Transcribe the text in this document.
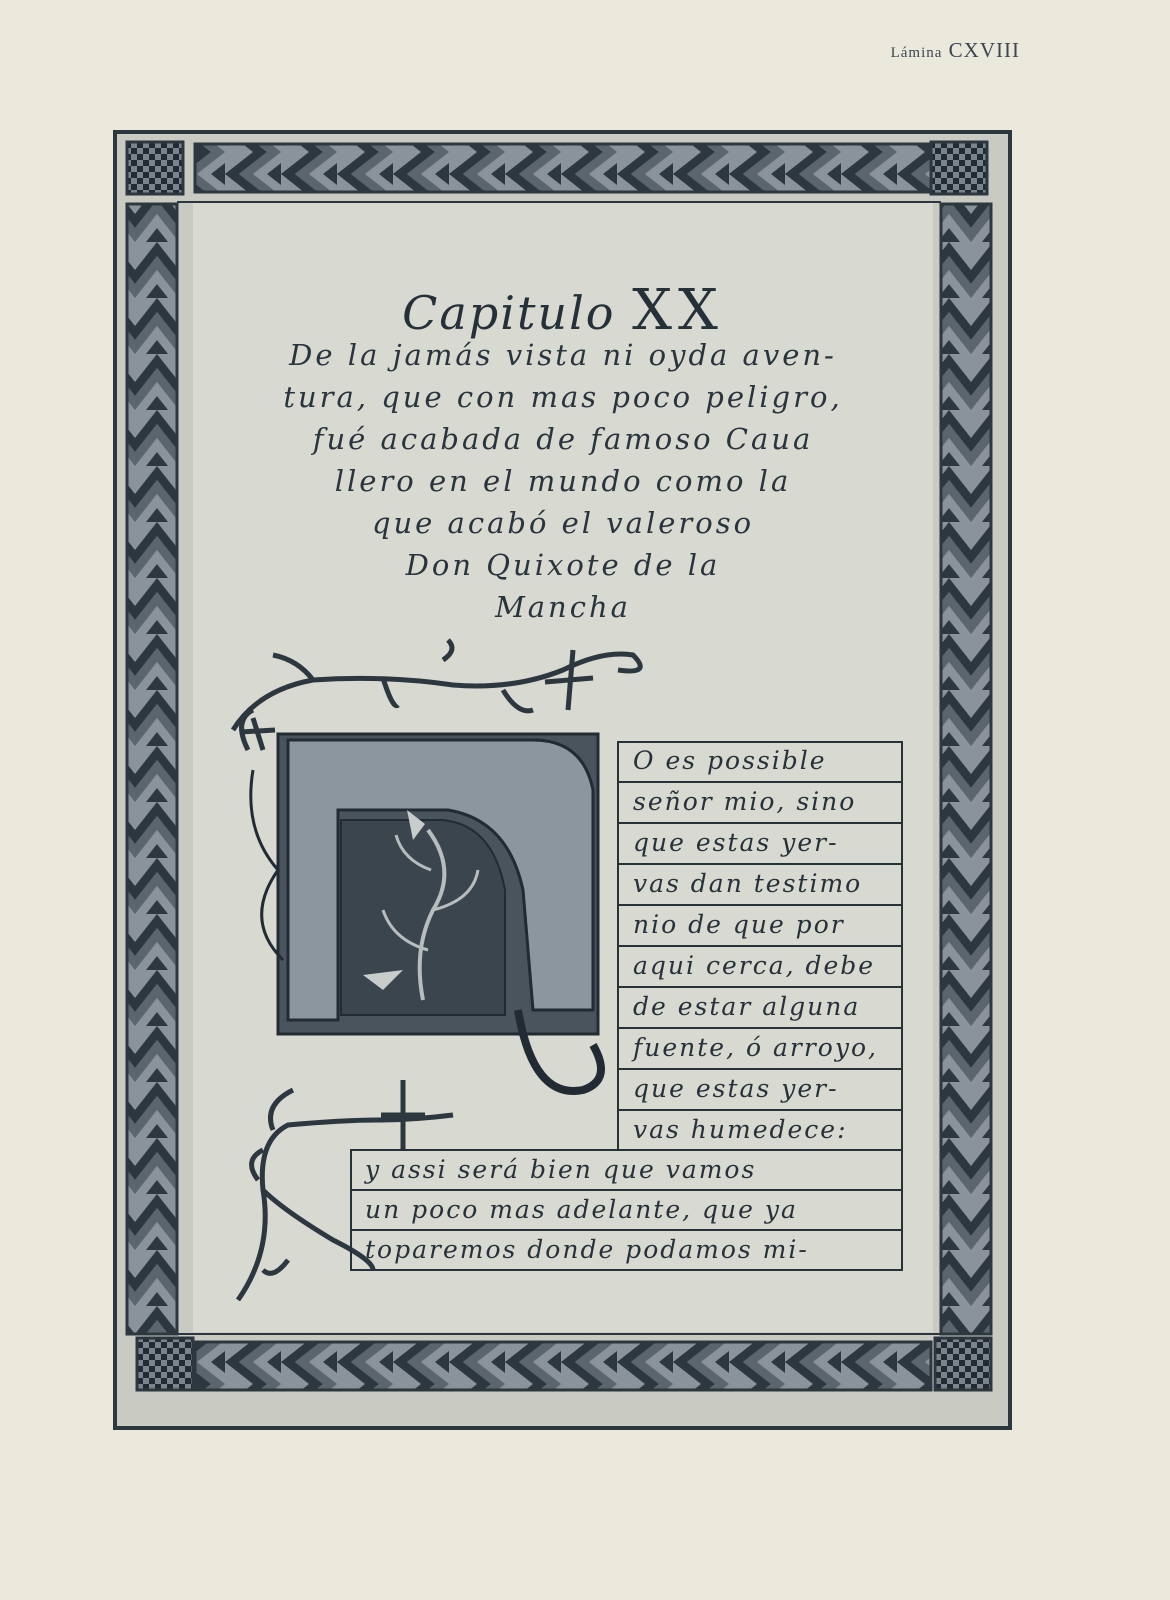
Lámina CXVIII
Capitulo XX
De la jamás vista ni oyda aven-
tura, que con mas poco peligro,
fué acabada de famoso Caua
llero en el mundo como la
que acabó el valeroso
Don Quixote de la
Mancha
O es possible
señor mio, sino
que estas yer-
vas dan testimo
nio de que por
aqui cerca, debe
de estar alguna
fuente, ó arroyo,
que estas yer-
vas humedece:
y assi será bien que vamos
un poco mas adelante, que ya
toparemos donde podamos mi-
